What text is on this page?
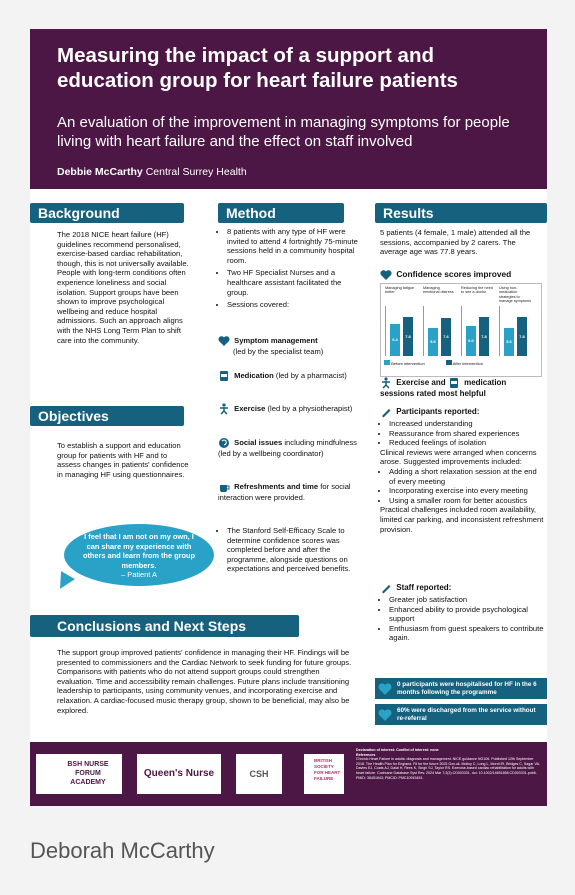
Measuring the impact of a support and education group for heart failure patients
An evaluation of the improvement in managing symptoms for people living with heart failure and the effect on staff involved
Debbie McCarthy Central Surrey Health
Background
The 2018 NICE heart failure (HF) guidelines recommend personalised, exercise-based cardiac rehabilitation, though, this is not universally available. People with long-term conditions often experience loneliness and social isolation. Support groups have been shown to improve psychological wellbeing and reduce hospital admissions. Such an approach aligns with the NHS Long Term Plan to shift care into the community.
Objectives
To establish a support and education group for patients with HF and to assess changes in patients' confidence in managing HF using questionnaires.
I feel that I am not on my own, I can share my experience with others and learn from the group members.
– Patient A
Method
• 8 patients with any type of HF were invited to attend 4 fortnightly 75-minute sessions held in a community hospital room.
• Two HF Specialist Nurses and a healthcare assistant facilitated the group.
• Sessions covered:
Symptom management
(led by the specialist team)
Medication (led by a pharmacist)
Exercise (led by a physiotherapist)
Social issues including mindfulness (led by a wellbeing coordinator)
Refreshments and time for social interaction were provided.
• The Stanford Self-Efficacy Scale to determine confidence scores was completed before and after the programme, alongside questions on expectations and perceived benefits.
Results
5 patients (4 female, 1 male) attended all the sessions, accompanied by 2 carers. The average age was 77.8 years.
Confidence scores improved
Managing fatigue better
6.4
7.8
Managing emotional distress
5.6
7.6
Reducing the need to see a doctor
6.0
7.8
Using non-medication strategies to manage symptoms
5.6
7.8
Before intervention	After intervention
Exercise and medication
sessions rated most helpful
Participants reported:
• Increased understanding
• Reassurance from shared experiences
• Reduced feelings of isolation
Clinical reviews were arranged when concerns arose. Suggested improvements included:
• Adding a short relaxation session at the end of every meeting
• Incorporating exercise into every meeting
• Using a smaller room for better acoustics
Practical challenges included room availability, limited car parking, and inconsistent refreshment provision.
Staff reported:
• Greater job satisfaction
• Enhanced ability to provide psychological support
• Enthusiasm from guest speakers to contribute again.
0 participants were hospitalised for HF in the 6 months following the programme
60% were discharged from the service without re-referral
Conclusions and Next Steps
The support group improved patients' confidence in managing their HF. Findings will be presented to commissioners and the Cardiac Network to seek funding for future groups. Comparisons with patients who do not attend support groups could strengthen evaluation. Time and accessibility remain challenges. Future plans include transitioning leadership to participants, using community venues, and incorporating exercise and relaxation. A cardiac-focused music therapy group, shown to be beneficial, may also be explored.
BSH NURSE FORUM ACADEMY
Queen's Nurse	CSH
BRITISH SOCIETY FOR HEART FAILURE
Declaration of interest: Conflict of interest: none
References
Chronic Heart Failure in adults: diagnosis and management. NICE guidance NG106. Published 12th September 2018. The Health Plan for England. Fit for the future 2025 Gov.uk. Molloy C, Long L, Mordi IR, Bridges C, Sagar VA, Davies EJ, Coats AJ, Dalal H, Rees K, Singh SJ, Taylor RS. Exercise-based cardiac rehabilitation for adults with heart failure. Cochrane Database Syst Rev. 2024 Mar 7;3(3):CD003331. doi: 10.1002/14651858.CD003331.pub6. PMID: 38451843; PMCID: PMC10915451.
Deborah McCarthy
